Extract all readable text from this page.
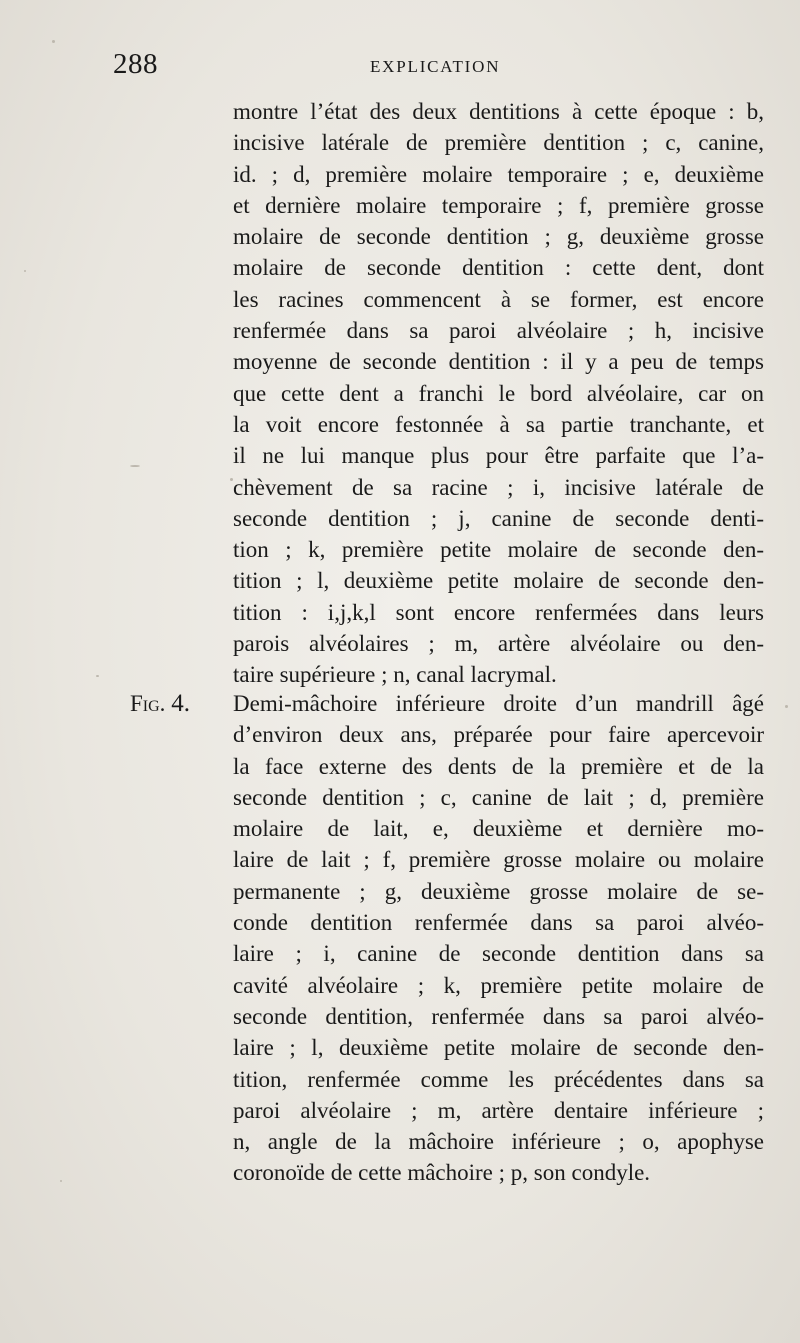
288	EXPLICATION
montre l’état des deux dentitions à cette époque : b,
incisive latérale de première dentition ; c, canine,
id. ; d, première molaire temporaire ; e, deuxième
et dernière molaire temporaire ; f, première grosse
molaire de seconde dentition ; g, deuxième grosse
molaire de seconde dentition : cette dent, dont
les racines commencent à se former, est encore
renfermée dans sa paroi alvéolaire ; h, incisive
moyenne de seconde dentition : il y a peu de temps
que cette dent a franchi le bord alvéolaire, car on
la voit encore festonnée à sa partie tranchante, et
il ne lui manque plus pour être parfaite que l’a-
chèvement de sa racine ; i, incisive latérale de
seconde dentition ; j, canine de seconde denti-
tion ; k, première petite molaire de seconde den-
tition ; l, deuxième petite molaire de seconde den-
tition : i,j,k,l sont encore renfermées dans leurs
parois alvéolaires ; m, artère alvéolaire ou den-
taire supérieure ; n, canal lacrymal.
Fig. 4.	Demi-mâchoire inférieure droite d’un mandrill âgé
d’environ deux ans, préparée pour faire apercevoir
la face externe des dents de la première et de la
seconde dentition ; c, canine de lait ; d, première
molaire de lait, e, deuxième et dernière mo-
laire de lait ; f, première grosse molaire ou molaire
permanente ; g, deuxième grosse molaire de se-
conde dentition renfermée dans sa paroi alvéo-
laire ; i, canine de seconde dentition dans sa
cavité alvéolaire ; k, première petite molaire de
seconde dentition, renfermée dans sa paroi alvéo-
laire ; l, deuxième petite molaire de seconde den-
tition, renfermée comme les précédentes dans sa
paroi alvéolaire ; m, artère dentaire inférieure ;
n, angle de la mâchoire inférieure ; o, apophyse
coronoïde de cette mâchoire ; p, son condyle.
